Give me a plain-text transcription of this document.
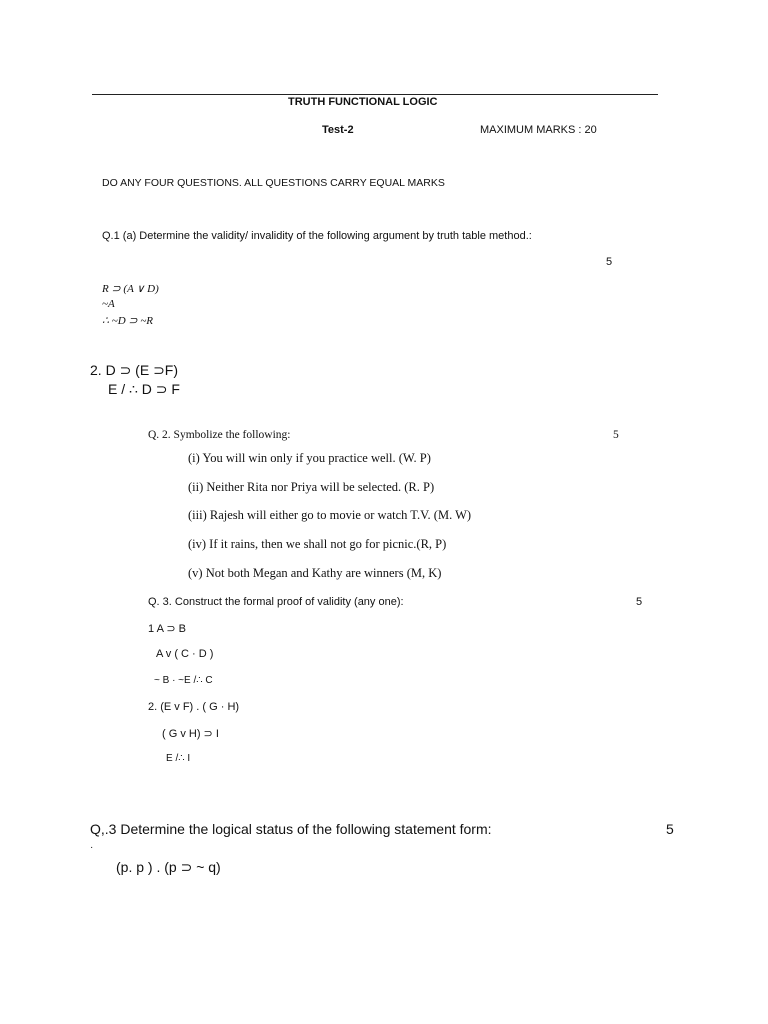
TRUTH FUNCTIONAL LOGIC
Test-2	MAXIMUM MARKS : 20
DO ANY FOUR QUESTIONS. ALL QUESTIONS CARRY EQUAL MARKS
Q.1 (a) Determine the validity/ invalidity of the following argument by truth table method.:
5
R ⊃ (A ∨ D)
~A
∴ ~D ⊃ ~R
2. D ⊃ (E ⊃F)
E / ∴ D ⊃ F
Q. 2. Symbolize the following:	5
(i) You will win only if you practice well. (W. P)
(ii) Neither Rita nor Priya will be selected. (R. P)
(iii) Rajesh will either go to movie or watch T.V. (M. W)
(iv) If it rains, then we shall not go for picnic.(R, P)
(v) Not both Megan and Kathy are winners (M, K)
Q. 3. Construct the formal proof of validity (any one):	5
1 A ⊃ B
A v ( C · D )
~ B · ~E /∴ C
2. (E v F) . ( G · H)
( G v H) ⊃ I
E /∴ I
Q,.3 Determine the logical status of the following statement form:	5
·
(p. p ) . (p ⊃ ~ q)
